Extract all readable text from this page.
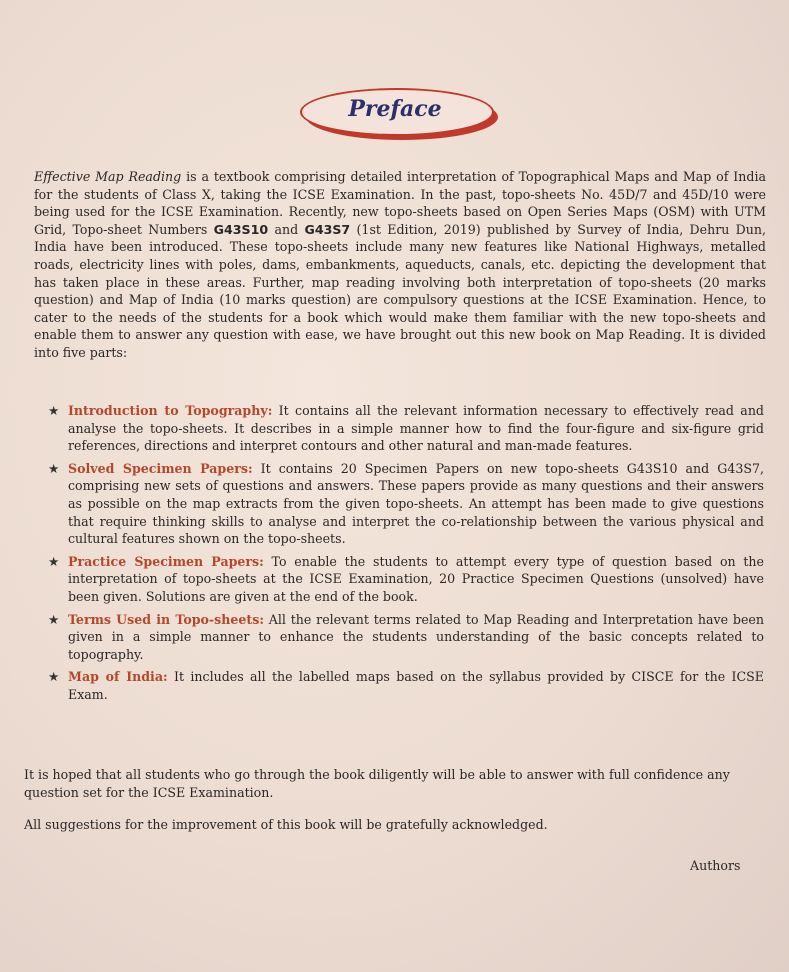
Preface

Effective Map Reading is a textbook comprising detailed interpretation of Topographical Maps and Map of India for the students of Class X, taking the ICSE Examination. In the past, topo-sheets No. 45D/7 and 45D/10 were being used for the ICSE Examination. Recently, new topo-sheets based on Open Series Maps (OSM) with UTM Grid, Topo-sheet Numbers G43S10 and G43S7 (1st Edition, 2019) published by Survey of India, Dehru Dun, India have been introduced. These topo-sheets include many new features like National Highways, metalled roads, electricity lines with poles, dams, embankments, aqueducts, canals, etc. depicting the development that has taken place in these areas. Further, map reading involving both interpretation of topo-sheets (20 marks question) and Map of India (10 marks question) are compulsory questions at the ICSE Examination. Hence, to cater to the needs of the students for a book which would make them familiar with the new topo-sheets and enable them to answer any question with ease, we have brought out this new book on Map Reading. It is divided into five parts:

★ Introduction to Topography: It contains all the relevant information necessary to effectively read and analyse the topo-sheets. It describes in a simple manner how to find the four-figure and six-figure grid references, directions and interpret contours and other natural and man-made features.
★ Solved Specimen Papers: It contains 20 Specimen Papers on new topo-sheets G43S10 and G43S7, comprising new sets of questions and answers. These papers provide as many questions and their answers as possible on the map extracts from the given topo-sheets. An attempt has been made to give questions that require thinking skills to analyse and interpret the co-relationship between the various physical and cultural features shown on the topo-sheets.
★ Practice Specimen Papers: To enable the students to attempt every type of question based on the interpretation of topo-sheets at the ICSE Examination, 20 Practice Specimen Questions (unsolved) have been given. Solutions are given at the end of the book.
★ Terms Used in Topo-sheets: All the relevant terms related to Map Reading and Interpretation have been given in a simple manner to enhance the students understanding of the basic concepts related to topography.
★ Map of India: It includes all the labelled maps based on the syllabus provided by CISCE for the ICSE Exam.

It is hoped that all students who go through the book diligently will be able to answer with full confidence any question set for the ICSE Examination.

All suggestions for the improvement of this book will be gratefully acknowledged.

Authors
